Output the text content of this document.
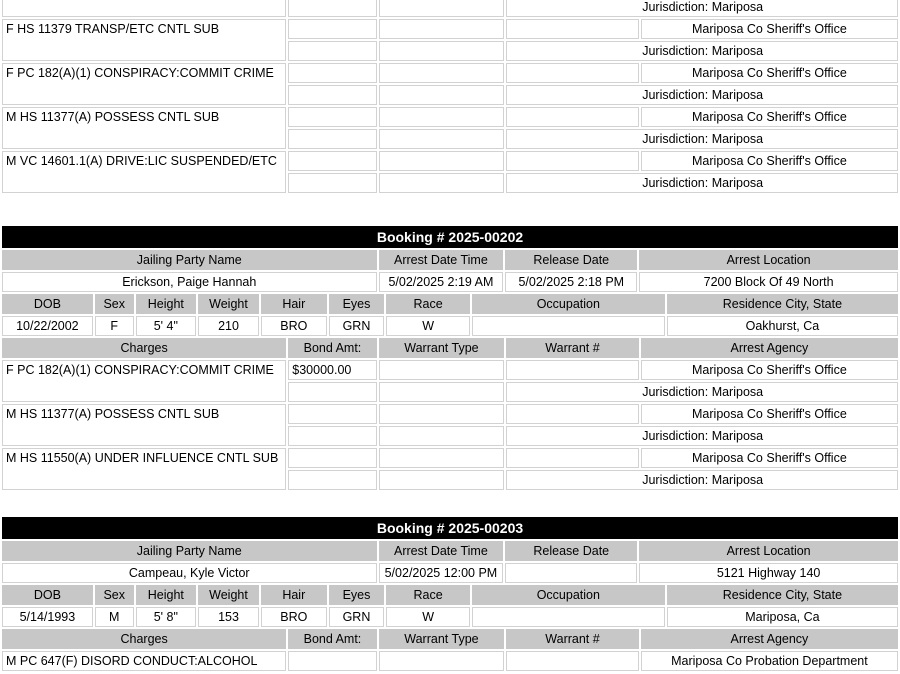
			Jurisdiction: Mariposa	
F HS 11379 TRANSP/ETC CNTL SUB				Mariposa Co Sheriff's Office
			Jurisdiction: Mariposa	
F PC 182(A)(1) CONSPIRACY:COMMIT CRIME				Mariposa Co Sheriff's Office
			Jurisdiction: Mariposa	
M HS 11377(A) POSSESS CNTL SUB				Mariposa Co Sheriff's Office
			Jurisdiction: Mariposa	
M VC 14601.1(A) DRIVE:LIC SUSPENDED/ETC				Mariposa Co Sheriff's Office
			Jurisdiction: Mariposa	
Booking # 2025-00202			
Jailing Party Name	Arrest Date Time	Release Date	Arrest Location
Erickson, Paige Hannah	5/02/2025 2:19 AM	5/02/2025 2:18 PM	7200 Block Of 49 North
DOB	Sex	Height	Weight	Hair	Eyes	Race	Occupation	Residence City, State
10/22/2002	F	5' 4"	210	BRO	GRN	W		Oakhurst, Ca
Charges	Bond Amt:	Warrant Type	Warrant #	Arrest Agency
F PC 182(A)(1) CONSPIRACY:COMMIT CRIME	$30000.00			Mariposa Co Sheriff's Office
			Jurisdiction: Mariposa	
M HS 11377(A) POSSESS CNTL SUB				Mariposa Co Sheriff's Office
			Jurisdiction: Mariposa	
M HS 11550(A) UNDER INFLUENCE CNTL SUB				Mariposa Co Sheriff's Office
			Jurisdiction: Mariposa	
Booking # 2025-00203			
Jailing Party Name	Arrest Date Time	Release Date	Arrest Location
Campeau, Kyle Victor	5/02/2025 12:00 PM		5121 Highway 140
DOB	Sex	Height	Weight	Hair	Eyes	Race	Occupation	Residence City, State
5/14/1993	M	5' 8"	153	BRO	GRN	W		Mariposa, Ca
Charges	Bond Amt:	Warrant Type	Warrant #	Arrest Agency
M PC 647(F) DISORD CONDUCT:ALCOHOL				Mariposa Co Probation Department
